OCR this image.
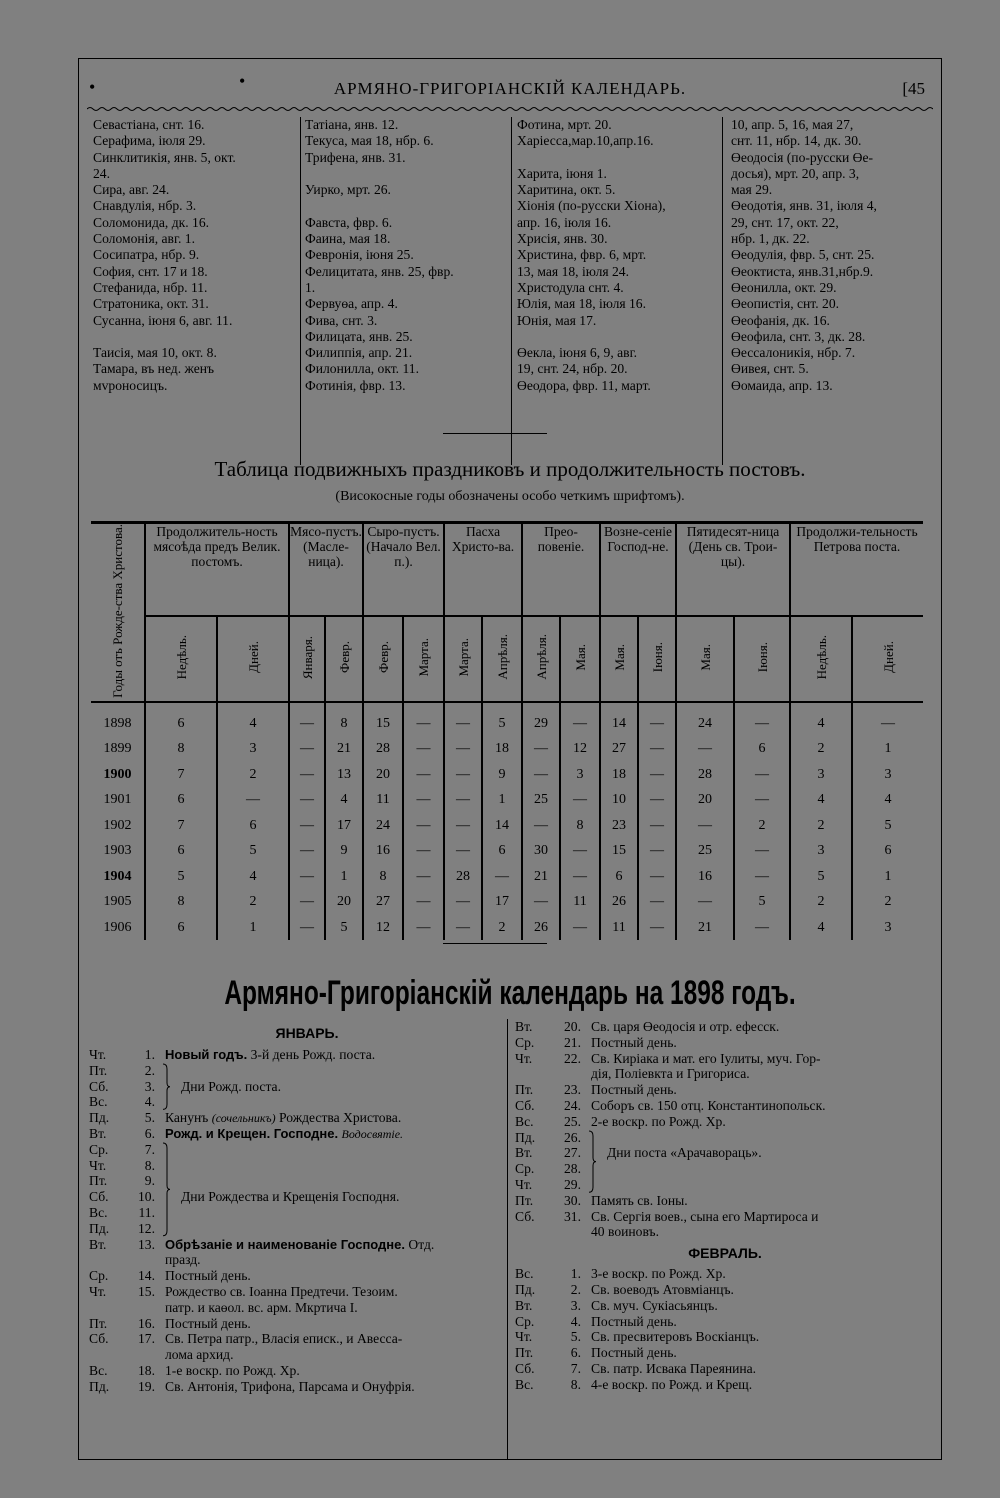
•	•	АРМЯНО-ГРИГОРІАНСКІЙ КАЛЕНДАРЬ.	[45
Севастіана, снт. 16.
Серафима, іюля 29.
Синклитикія, янв. 5, окт.
24.
Сира, авг. 24.
Снавдулія, нбр. 3.
Соломонида, дк. 16.
Соломонія, авг. 1.
Сосипатра, нбр. 9.
София, снт. 17 и 18.
Стефанида, нбр. 11.
Стратоника, окт. 31.
Сусанна, іюня 6, авг. 11.

Таисія, мая 10, окт. 8.
Тамара, въ нед. женъ
мvроносицъ.
Татіана, янв. 12.
Текуса, мая 18, нбр. 6.
Трифена, янв. 31.

Уирко, мрт. 26.

Фавста, фвр. 6.
Фаина, мая 18.
Февронія, іюня 25.
Фелицитата, янв. 25, фвр.
1.
Фервуөа, апр. 4.
Фива, снт. 3.
Филицата, янв. 25.
Филиппія, апр. 21.
Филонилла, окт. 11.
Фотинія, фвр. 13.
Фотина, мрт. 20.
Харіесса,мар.10,апр.16.

Харита, іюня 1.
Харитина, окт. 5.
Хіонія (по-русски Хіона),
апр. 16, іюля 16.
Хрисія, янв. 30.
Христина, фвр. 6, мрт.
13, мая 18, іюля 24.
Христодула снт. 4.
Юлія, мая 18, іюля 16.
Юнія, мая 17.

Өекла, іюня 6, 9, авг.
19, снт. 24, нбр. 20.
Өеодора, фвр. 11, март.
10, апр. 5, 16, мая 27,
снт. 11, нбр. 14, дк. 30.
Өеодосія (по-русски Өе-
досья), мрт. 20, апр. 3,
мая 29.
Өеодотія, янв. 31, іюля 4,
29, снт. 17, окт. 22,
нбр. 1, дк. 22.
Өеодулія, фвр. 5, снт. 25.
Өеоктиста, янв.31,нбр.9.
Өеонилла, окт. 29.
Өеопистія, снт. 20.
Өеофанія, дк. 16.
Өеофила, снт. 3, дк. 28.
Өессалоникія, нбр. 7.
Өивея, снт. 5.
Өомаида, апр. 13.
Таблица подвижныхъ праздниковъ и продолжительность постовъ.
(Високосные годы обозначены особо четкимъ шрифтомъ).
Годы отъ Рожде-ства Христова.	Продолжитель-ность мясоѣда предъ Велик. постомъ.		Мясо-пустъ. (Масле-ница).		Сыро-пустъ. (Начало Вел. п.).		Пасха Христо-ва.		Прео-повеніе.		Возне-сеніе Господ-не.		Пятидесят-ница (День св. Трои-цы).		Продолжи-тельность Петрова поста.	
	Недѣль.	Дней.	Января.	Февр.	Февр.	Марта.	Марта.	Апрѣля.	Апрѣля.	Мая.	Мая.	Іюня.	Мая.	Іюня.	Недѣль.	Дней.

1898	6	4	—	8	15	—	—	5	29	—	14	—	24	—	4	—
1899	8	3	—	21	28	—	—	18	—	12	27	—	—	6	2	1
1900	7	2	—	13	20	—	—	9	—	3	18	—	28	—	3	3
1901	6	—	—	4	11	—	—	1	25	—	10	—	20	—	4	4
1902	7	6	—	17	24	—	—	14	—	8	23	—	—	2	2	5
1903	6	5	—	9	16	—	—	6	30	—	15	—	25	—	3	6
1904	5	4	—	1	8	—	28	—	21	—	6	—	16	—	5	1
1905	8	2	—	20	27	—	—	17	—	11	26	—	—	5	2	2
1906	6	1	—	5	12	—	—	2	26	—	11	—	21	—	4	3
Армяно-Григоріанскій календарь на 1898 годъ.
ЯНВАРЬ.
Чт.	1. Новый годъ. 3-й день Рожд. поста.
Пт.	2.
Сб.	3. Дни Рожд. поста.
Вс.	4.
Пд.	5. Канунъ (сочельникъ) Рождества Христова.
Вт.	6. Рожд. и Крещен. Господне. Водосвятіе.
Ср.	7.
Чт.	8.
Пт.	9.
Сб.	10. Дни Рождества и Крещенія Господня.
Вс.	11.
Пд.	12.
Вт.	13. Обрѣзаніе и наименованіе Господне. Отд.
празд.
Ср.	14. Постный день.
Чт.	15. Рождество св. Іоанна Предтечи. Тезоим.
патр. и каөол. вс. арм. Мкртича I.
Пт.	16. Постный день.
Сб.	17. Св. Петра патр., Власія еписк., и Авесса-
лома архид.
Вс.	18. 1-е воскр. по Рожд. Хр.
Пд.	19. Св. Антонія, Трифона, Парсама и Онуфрія.
Вт.	20. Св. царя Өеодосія и отр. ефесск.
Ср.	21. Постный день.
Чт.	22. Св. Киріака и мат. его Іулиты, муч. Гор-
дія, Поліевкта и Григориса.
Пт.	23. Постный день.
Сб.	24. Соборъ св. 150 отц. Константинопольск.
Вс.	25. 2-е воскр. по Рожд. Хр.
Пд.	26.
Вт.	27. Дни поста «Арачавораць».
Ср.	28.
Чт.	29.
Пт.	30. Память св. Іоны.
Сб.	31. Св. Сергія воев., сына его Мартироса и
40 воиновъ.
ФЕВРАЛЬ.
Вс.	1. 3-е воскр. по Рожд. Хр.
Пд.	2. Св. воеводъ Атовміанцъ.
Вт.	3. Св. муч. Сукіасьянцъ.
Ср.	4. Постный день.
Чт.	5. Св. пресвитеровъ Воскіанцъ.
Пт.	6. Постный день.
Сб.	7. Св. патр. Исвака Пареянина.
Вс.	8. 4-е воскр. по Рожд. и Крещ.
